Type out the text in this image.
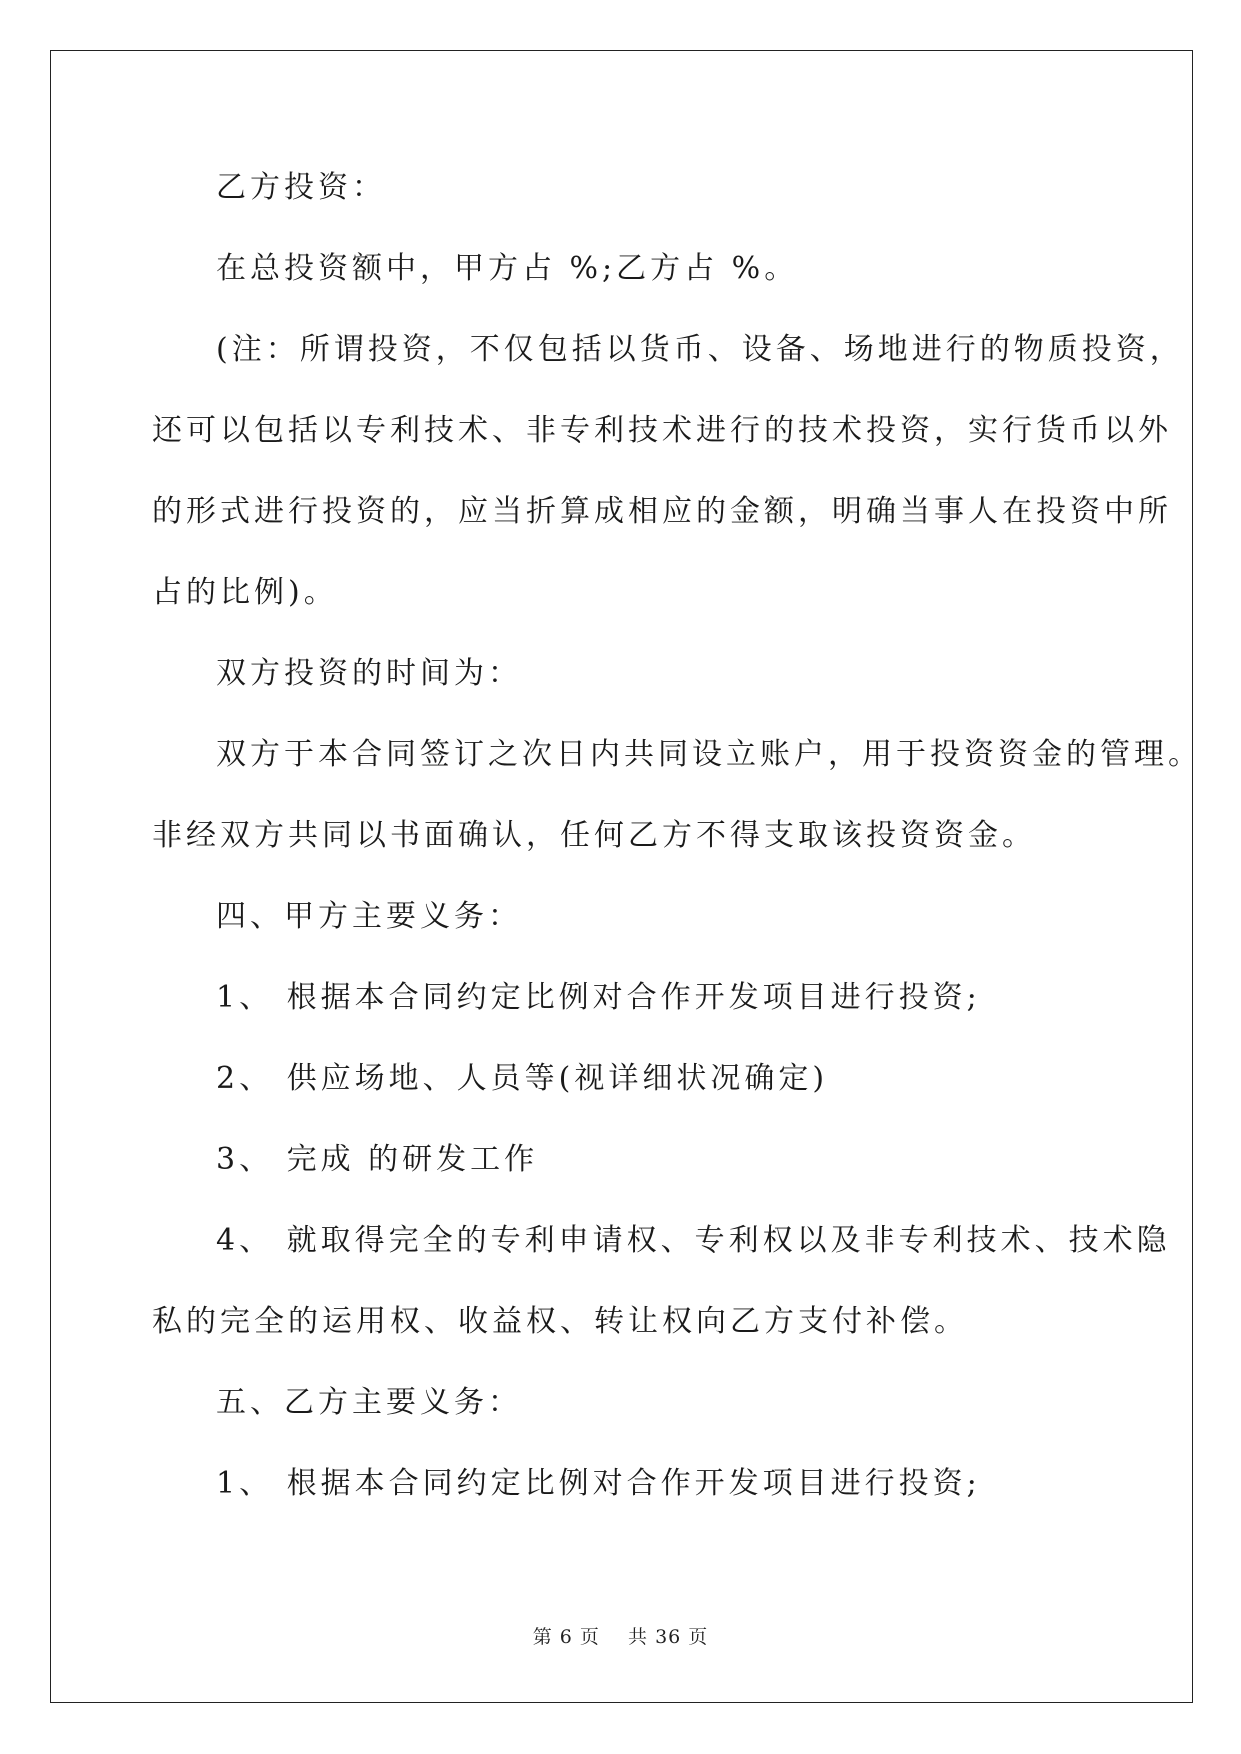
乙方投资：
在总投资额中，甲方占 %;乙方占 %。
(注：所谓投资，不仅包括以货币、设备、场地进行的物质投资，
还可以包括以专利技术、非专利技术进行的技术投资，实行货币以外
的形式进行投资的，应当折算成相应的金额，明确当事人在投资中所
占的比例)。
双方投资的时间为：
双方于本合同签订之次日内共同设立账户，用于投资资金的管理。
非经双方共同以书面确认，任何乙方不得支取该投资资金。
四、甲方主要义务：
1、 根据本合同约定比例对合作开发项目进行投资;
2、 供应场地、人员等(视详细状况确定)
3、 完成 的研发工作
4、 就取得完全的专利申请权、专利权以及非专利技术、技术隐
私的完全的运用权、收益权、转让权向乙方支付补偿。
五、乙方主要义务：
1、 根据本合同约定比例对合作开发项目进行投资;
第 6 页    共 36 页
